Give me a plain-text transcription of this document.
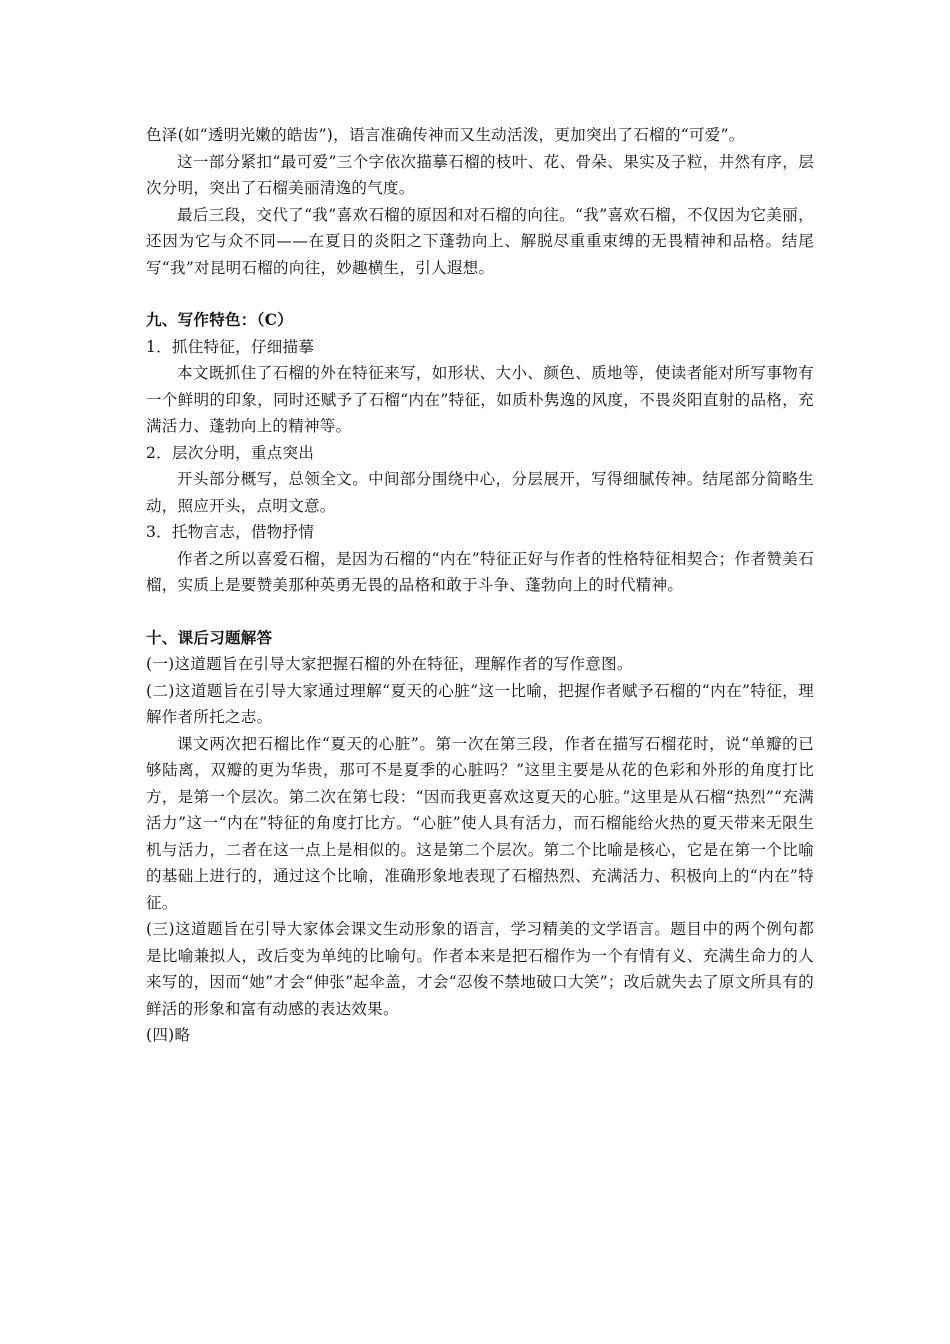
色泽(如“透明光嫩的皓齿”)，语言准确传神而又生动活泼，更加突出了石榴的“可爱”。

这一部分紧扣“最可爱”三个字依次描摹石榴的枝叶、花、骨朵、果实及子粒，井然有序，层次分明，突出了石榴美丽清逸的气度。

最后三段，交代了“我”喜欢石榴的原因和对石榴的向往。“我”喜欢石榴，不仅因为它美丽，还因为它与众不同——在夏日的炎阳之下蓬勃向上、解脱尽重重束缚的无畏精神和品格。结尾写“我”对昆明石榴的向往，妙趣横生，引人遐想。

九、写作特色：（C）

1．抓住特征，仔细描摹

本文既抓住了石榴的外在特征来写，如形状、大小、颜色、质地等，使读者能对所写事物有一个鲜明的印象，同时还赋予了石榴“内在”特征，如质朴隽逸的风度，不畏炎阳直射的品格，充满活力、蓬勃向上的精神等。

2．层次分明，重点突出

开头部分概写，总领全文。中间部分围绕中心，分层展开，写得细腻传神。结尾部分简略生动，照应开头，点明文意。

3．托物言志，借物抒情

作者之所以喜爱石榴，是因为石榴的“内在”特征正好与作者的性格特征相契合；作者赞美石榴，实质上是要赞美那种英勇无畏的品格和敢于斗争、蓬勃向上的时代精神。

十、课后习题解答

(一)这道题旨在引导大家把握石榴的外在特征，理解作者的写作意图。

(二)这道题旨在引导大家通过理解“夏天的心脏”这一比喻，把握作者赋予石榴的“内在”特征，理解作者所托之志。

课文两次把石榴比作“夏天的心脏”。第一次在第三段，作者在描写石榴花时，说“单瓣的已够陆离，双瓣的更为华贵，那可不是夏季的心脏吗？”这里主要是从花的色彩和外形的角度打比方，是第一个层次。第二次在第七段：“因而我更喜欢这夏天的心脏。”这里是从石榴“热烈”“充满活力”这一“内在”特征的角度打比方。“心脏”使人具有活力，而石榴能给火热的夏天带来无限生机与活力，二者在这一点上是相似的。这是第二个层次。第二个比喻是核心，它是在第一个比喻的基础上进行的，通过这个比喻，准确形象地表现了石榴热烈、充满活力、积极向上的“内在”特征。

(三)这道题旨在引导大家体会课文生动形象的语言，学习精美的文学语言。题目中的两个例句都是比喻兼拟人，改后变为单纯的比喻句。作者本来是把石榴作为一个有情有义、充满生命力的人来写的，因而“她”才会“伸张”起伞盖，才会“忍俊不禁地破口大笑”；改后就失去了原文所具有的鲜活的形象和富有动感的表达效果。

(四)略
